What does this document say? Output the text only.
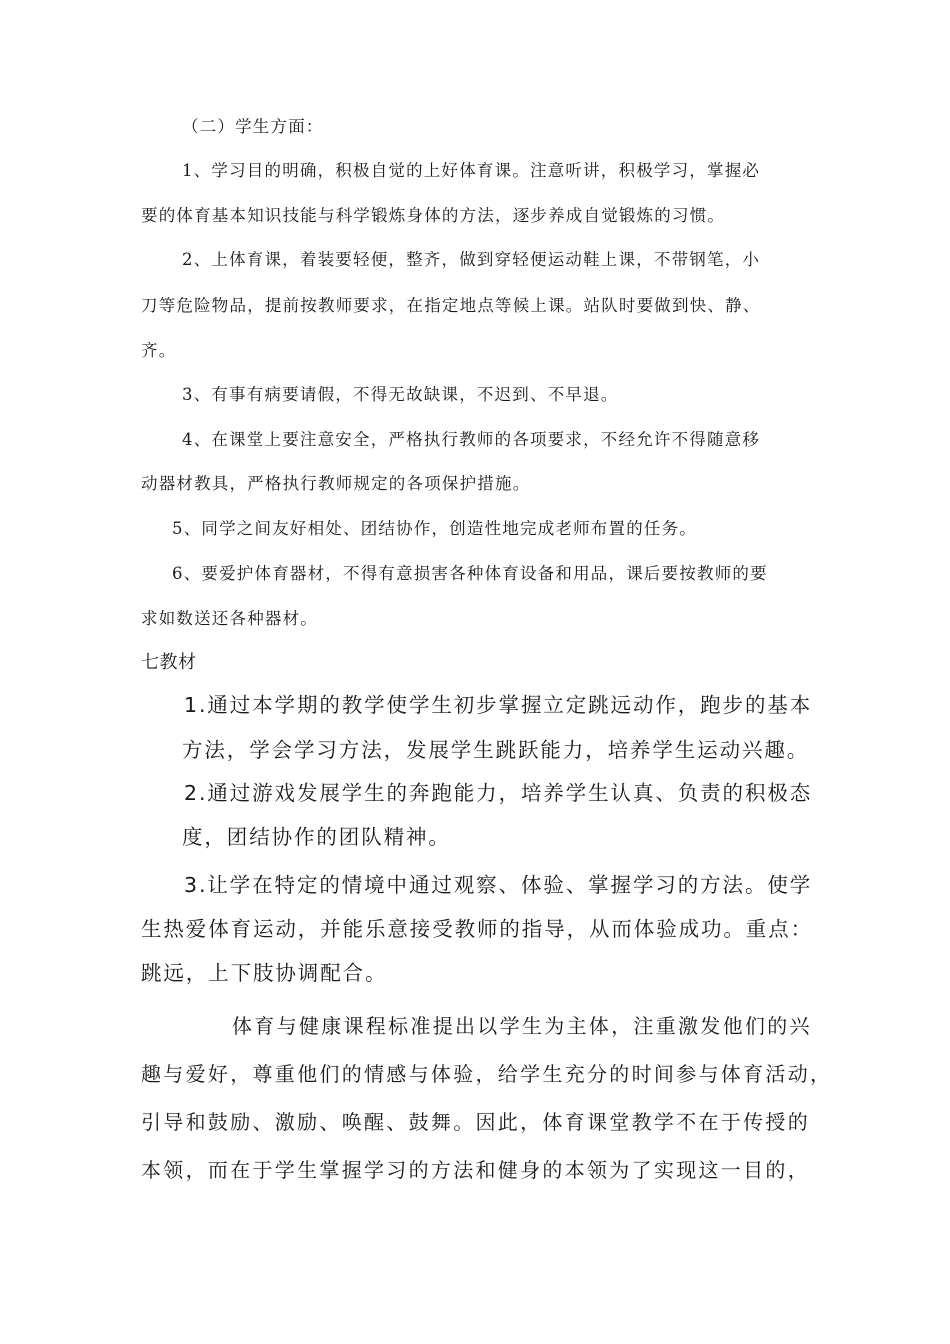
（二）学生方面：

1、学习目的明确，积极自觉的上好体育课。注意听讲，积极学习，掌握必

要的体育基本知识技能与科学锻炼身体的方法，逐步养成自觉锻炼的习惯。

2、上体育课，着装要轻便，整齐，做到穿轻便运动鞋上课，不带钢笔，小

刀等危险物品，提前按教师要求，在指定地点等候上课。站队时要做到快、静、

齐。

3、有事有病要请假，不得无故缺课，不迟到、不早退。

4、在课堂上要注意安全，严格执行教师的各项要求，不经允许不得随意移

动器材教具，严格执行教师规定的各项保护措施。

5、同学之间友好相处、团结协作，创造性地完成老师布置的任务。

6、要爱护体育器材，不得有意损害各种体育设备和用品，课后要按教师的要

求如数送还各种器材。

七教材

1.通过本学期的教学使学生初步掌握立定跳远动作，跑步的基本

方法，学会学习方法，发展学生跳跃能力，培养学生运动兴趣。

2.通过游戏发展学生的奔跑能力，培养学生认真、负责的积极态

度，团结协作的团队精神。

3.让学在特定的情境中通过观察、体验、掌握学习的方法。使学

生热爱体育运动，并能乐意接受教师的指导，从而体验成功。重点：

跳远，上下肢协调配合。

体育与健康课程标准提出以学生为主体，注重激发他们的兴

趣与爱好，尊重他们的情感与体验，给学生充分的时间参与体育活动，

引导和鼓励、激励、唤醒、鼓舞。因此，体育课堂教学不在于传授的

本领，而在于学生掌握学习的方法和健身的本领为了实现这一目的，
